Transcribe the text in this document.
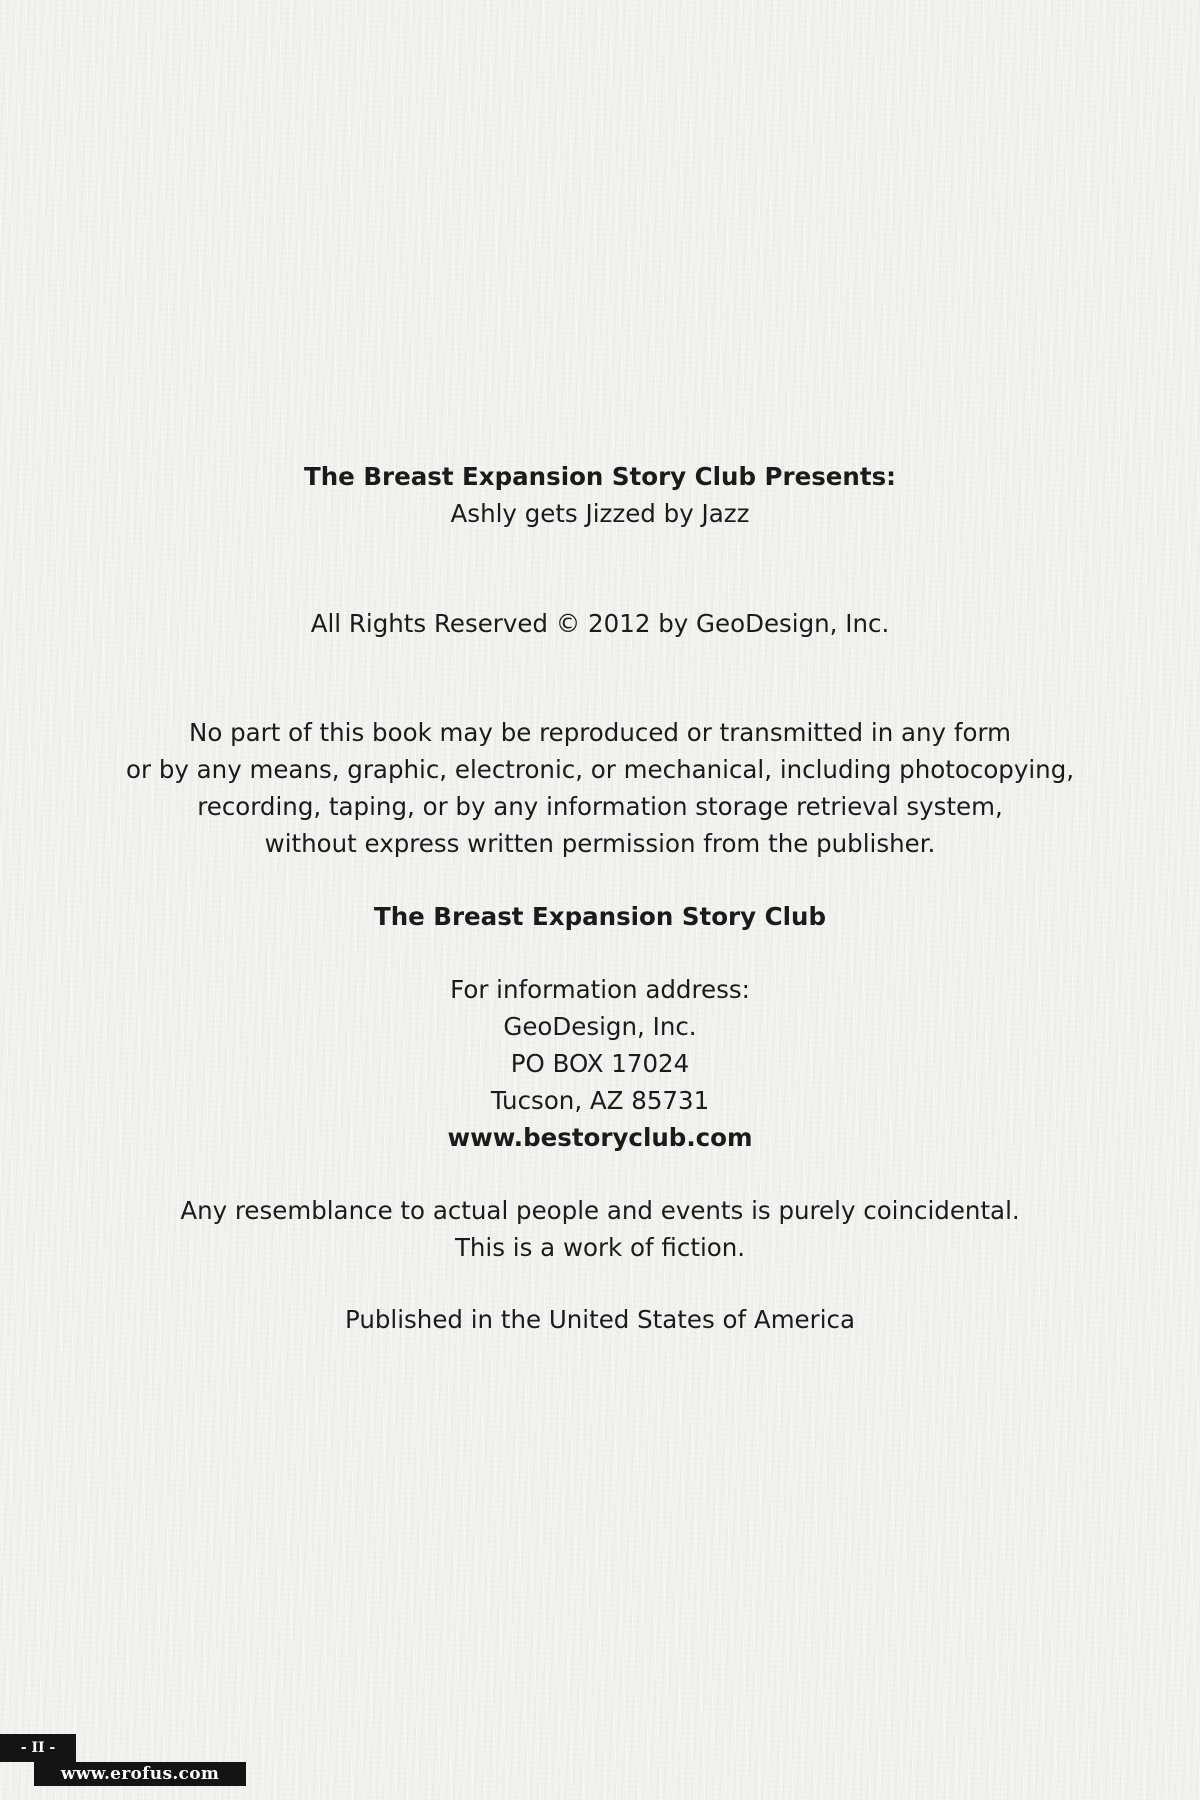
The Breast Expansion Story Club Presents:
Ashly gets Jizzed by Jazz
All Rights Reserved © 2012 by GeoDesign, Inc.
No part of this book may be reproduced or transmitted in any form
or by any means, graphic, electronic, or mechanical, including photocopying,
recording, taping, or by any information storage retrieval system,
without express written permission from the publisher.
The Breast Expansion Story Club
For information address:
GeoDesign, Inc.
PO BOX 17024
Tucson, AZ 85731
www.bestoryclub.com
Any resemblance to actual people and events is purely coincidental.
This is a work of fiction.
Published in the United States of America
- II -
www.erofus.com
